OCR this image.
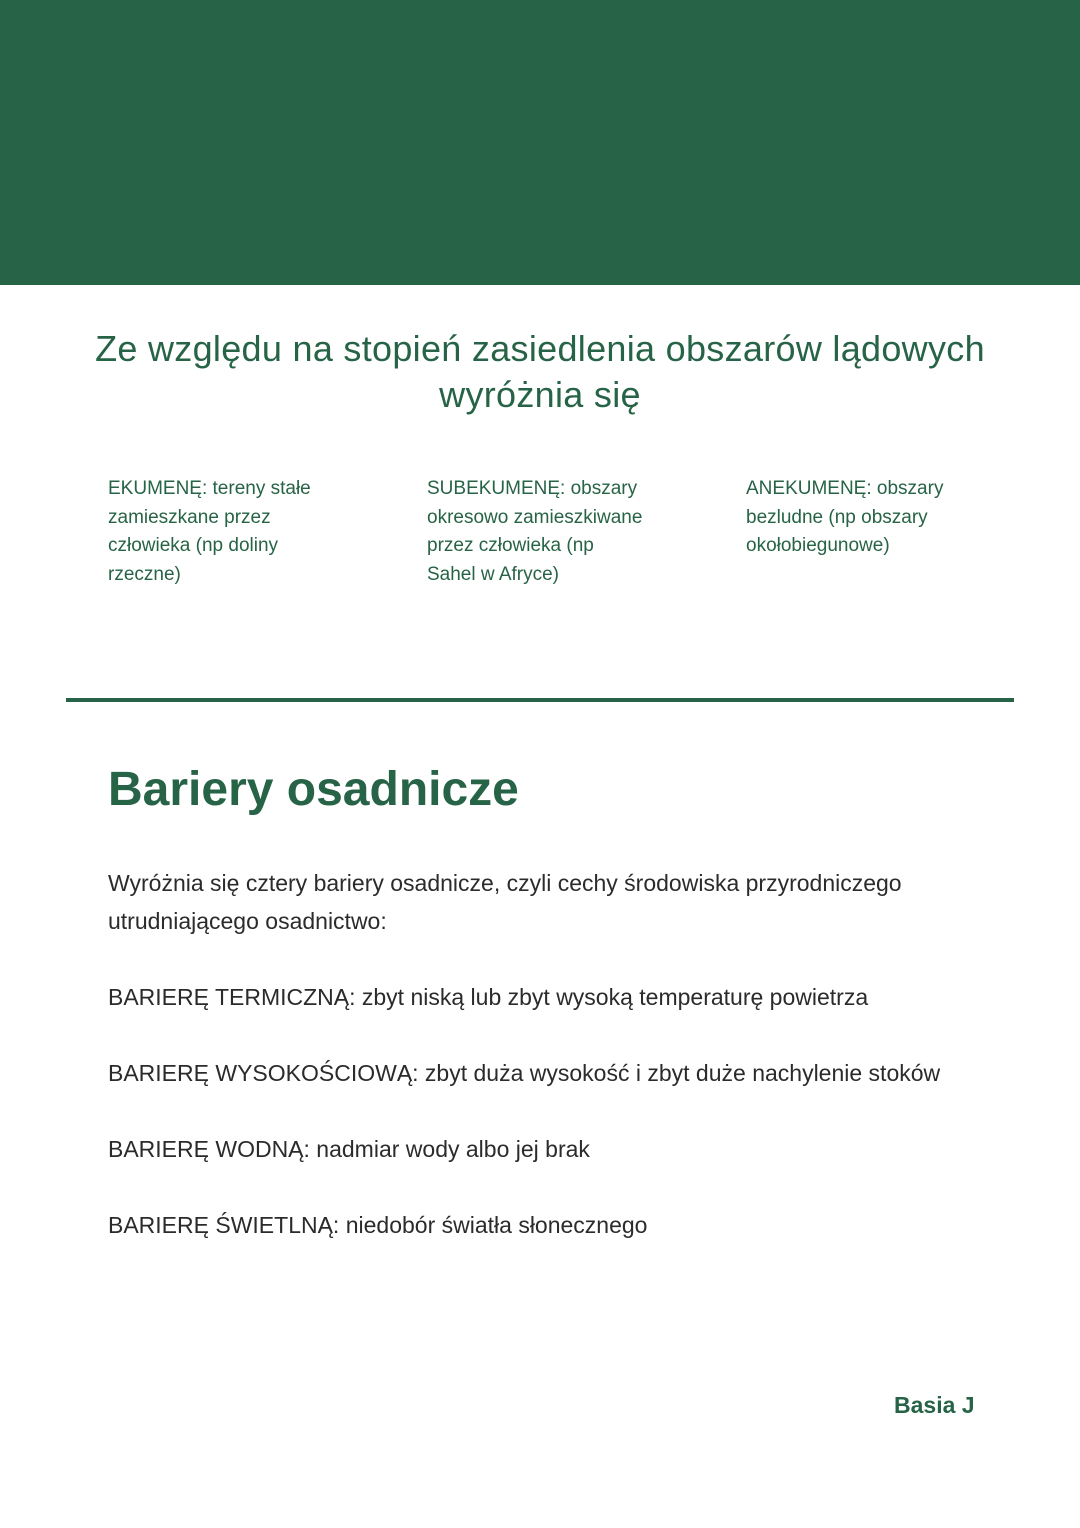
Ze względu na stopień zasiedlenia obszarów lądowych wyróżnia się
EKUMENĘ: tereny stałe zamieszkane przez człowieka (np doliny rzeczne)
SUBEKUMENĘ: obszary okresowo zamieszkiwane przez człowieka (np Sahel w Afryce)
ANEKUMENĘ: obszary bezludne (np obszary okołobiegunowe)
Bariery osadnicze

Wyróżnia się cztery bariery osadnicze, czyli cechy środowiska przyrodniczego utrudniającego osadnictwo:

BARIERĘ TERMICZNĄ: zbyt niską lub zbyt wysoką temperaturę powietrza

BARIERĘ WYSOKOŚCIOWĄ: zbyt duża wysokość i zbyt duże nachylenie stoków

BARIERĘ WODNĄ: nadmiar wody albo jej brak

BARIERĘ ŚWIETLNĄ: niedobór światła słonecznego

Basia J
